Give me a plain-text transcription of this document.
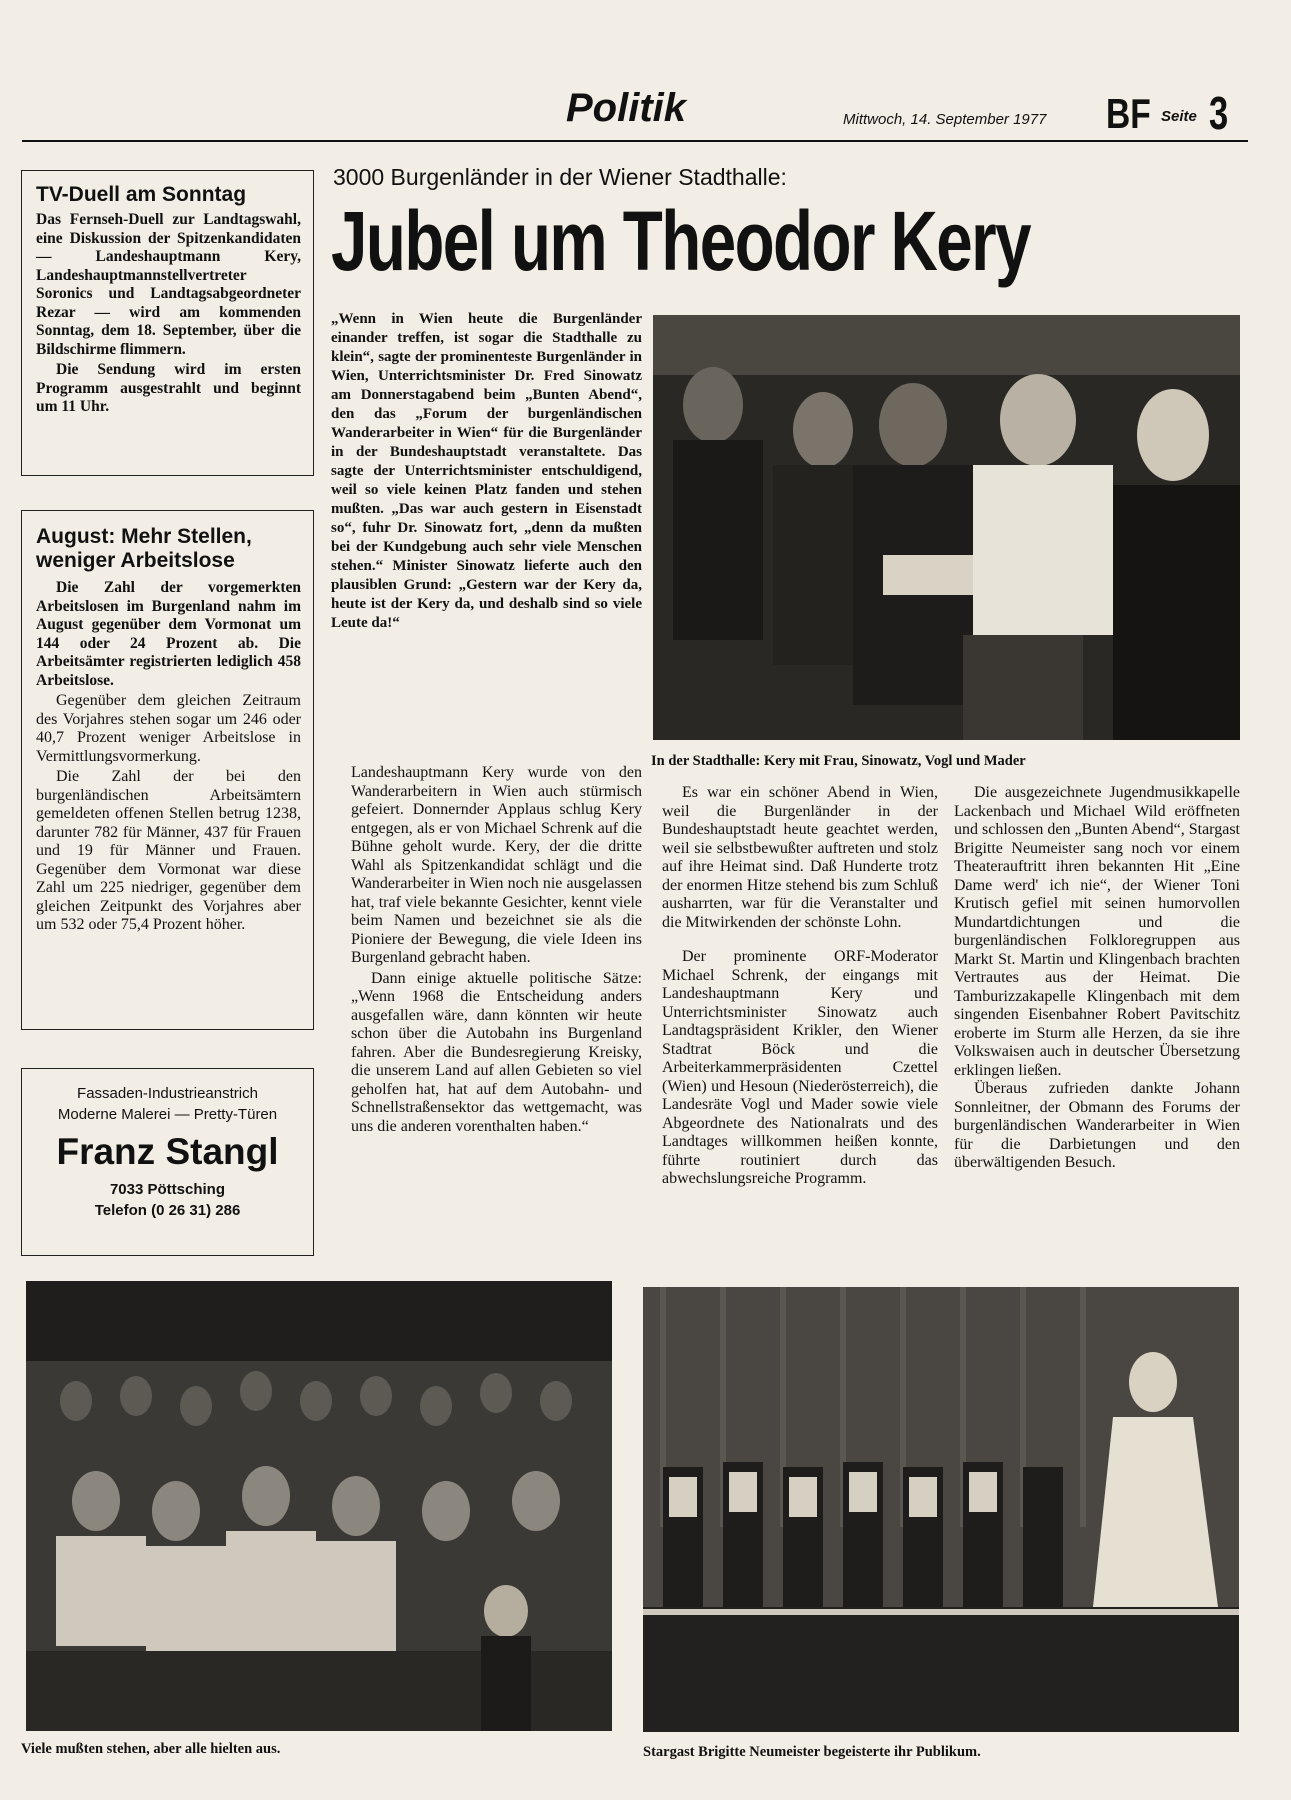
Politik	Mittwoch, 14. September 1977 BF Seite 3
TV-Duell am Sonntag

Das Fernseh-Duell zur Landtagswahl, eine Diskussion der Spitzenkandidaten — Landeshauptmann Kery, Landeshauptmannstellvertreter Soronics und Landtagsabgeordneter Rezar — wird am kommenden Sonntag, dem 18. September, über die Bildschirme flimmern.

Die Sendung wird im ersten Programm ausgestrahlt und beginnt um 11 Uhr.

August: Mehr Stellen, weniger Arbeitslose

Die Zahl der vorgemerkten Arbeitslosen im Burgenland nahm im August gegenüber dem Vormonat um 144 oder 24 Prozent ab. Die Arbeitsämter registrierten lediglich 458 Arbeitslose.

Gegenüber dem gleichen Zeitraum des Vorjahres stehen sogar um 246 oder 40,7 Prozent weniger Arbeitslose in Vermittlungsvormerkung.

Die Zahl der bei den burgenländischen Arbeitsämtern gemeldeten offenen Stellen betrug 1238, darunter 782 für Männer, 437 für Frauen und 19 für Männer und Frauen. Gegenüber dem Vormonat war diese Zahl um 225 niedriger, gegenüber dem gleichen Zeitpunkt des Vorjahres aber um 532 oder 75,4 Prozent höher.

Fassaden-Industrieanstrich
Moderne Malerei — Pretty-Türen
Franz Stangl
7033 Pöttsching
Telefon (0 26 31) 286
3000 Burgenländer in der Wiener Stadthalle:
Jubel um Theodor Kery

„Wenn in Wien heute die Burgenländer einander treffen, ist sogar die Stadthalle zu klein“, sagte der prominenteste Burgenländer in Wien, Unterrichtsminister Dr. Fred Sinowatz am Donnerstagabend beim „Bunten Abend“, den das „Forum der burgenländischen Wanderarbeiter in Wien“ für die Burgenländer in der Bundeshauptstadt veranstaltete. Das sagte der Unterrichtsminister entschuldigend, weil so viele keinen Platz fanden und stehen mußten. „Das war auch gestern in Eisenstadt so“, fuhr Dr. Sinowatz fort, „denn da mußten bei der Kundgebung auch sehr viele Menschen stehen.“ Minister Sinowatz lieferte auch den plausiblen Grund: „Gestern war der Kery da, heute ist der Kery da, und deshalb sind so viele Leute da!“

In der Stadthalle: Kery mit Frau, Sinowatz, Vogl und Mader

Landeshauptmann Kery wurde von den Wanderarbeitern in Wien auch stürmisch gefeiert. Donnernder Applaus schlug Kery entgegen, als er von Michael Schrenk auf die Bühne geholt wurde. Kery, der die dritte Wahl als Spitzenkandidat schlägt und die Wanderarbeiter in Wien noch nie ausgelassen hat, traf viele bekannte Gesichter, kennt viele beim Namen und bezeichnet sie als die Pioniere der Bewegung, die viele Ideen ins Burgenland gebracht haben.

Dann einige aktuelle politische Sätze: „Wenn 1968 die Entscheidung anders ausgefallen wäre, dann könnten wir heute schon über die Autobahn ins Burgenland fahren. Aber die Bundesregierung Kreisky, die unserem Land auf allen Gebieten so viel geholfen hat, hat auf dem Autobahn- und Schnellstraßensektor das wettgemacht, was uns die anderen vorenthalten haben.“

Es war ein schöner Abend in Wien, weil die Burgenländer in der Bundeshauptstadt heute geachtet werden, weil sie selbstbewußter auftreten und stolz auf ihre Heimat sind. Daß Hunderte trotz der enormen Hitze stehend bis zum Schluß ausharrten, war für die Veranstalter und die Mitwirkenden der schönste Lohn.

Der prominente ORF-Moderator Michael Schrenk, der eingangs mit Landeshauptmann Kery und Unterrichtsminister Sinowatz auch Landtagspräsident Krikler, den Wiener Stadtrat Böck und die Arbeiterkammerpräsidenten Czettel (Wien) und Hesoun (Niederösterreich), die Landesräte Vogl und Mader sowie viele Abgeordnete des Nationalrats und des Landtages willkommen heißen konnte, führte routiniert durch das abwechslungsreiche Programm.

Die ausgezeichnete Jugendmusikkapelle Lackenbach und Michael Wild eröffneten und schlossen den „Bunten Abend“, Stargast Brigitte Neumeister sang noch vor einem Theaterauftritt ihren bekannten Hit „Eine Dame werd' ich nie“, der Wiener Toni Krutisch gefiel mit seinen humorvollen Mundartdichtungen und die burgenländischen Folkloregruppen aus Markt St. Martin und Klingenbach brachten Vertrautes aus der Heimat. Die Tamburizzakapelle Klingenbach mit dem singenden Eisenbahner Robert Pavitschitz eroberte im Sturm alle Herzen, da sie ihre Volkswaisen auch in deutscher Übersetzung erklingen ließen.

Überaus zufrieden dankte Johann Sonnleitner, der Obmann des Forums der burgenländischen Wanderarbeiter in Wien für die Darbietungen und den überwältigenden Besuch.

Viele mußten stehen, aber alle hielten aus.	Stargast Brigitte Neumeister begeisterte ihr Publikum.
